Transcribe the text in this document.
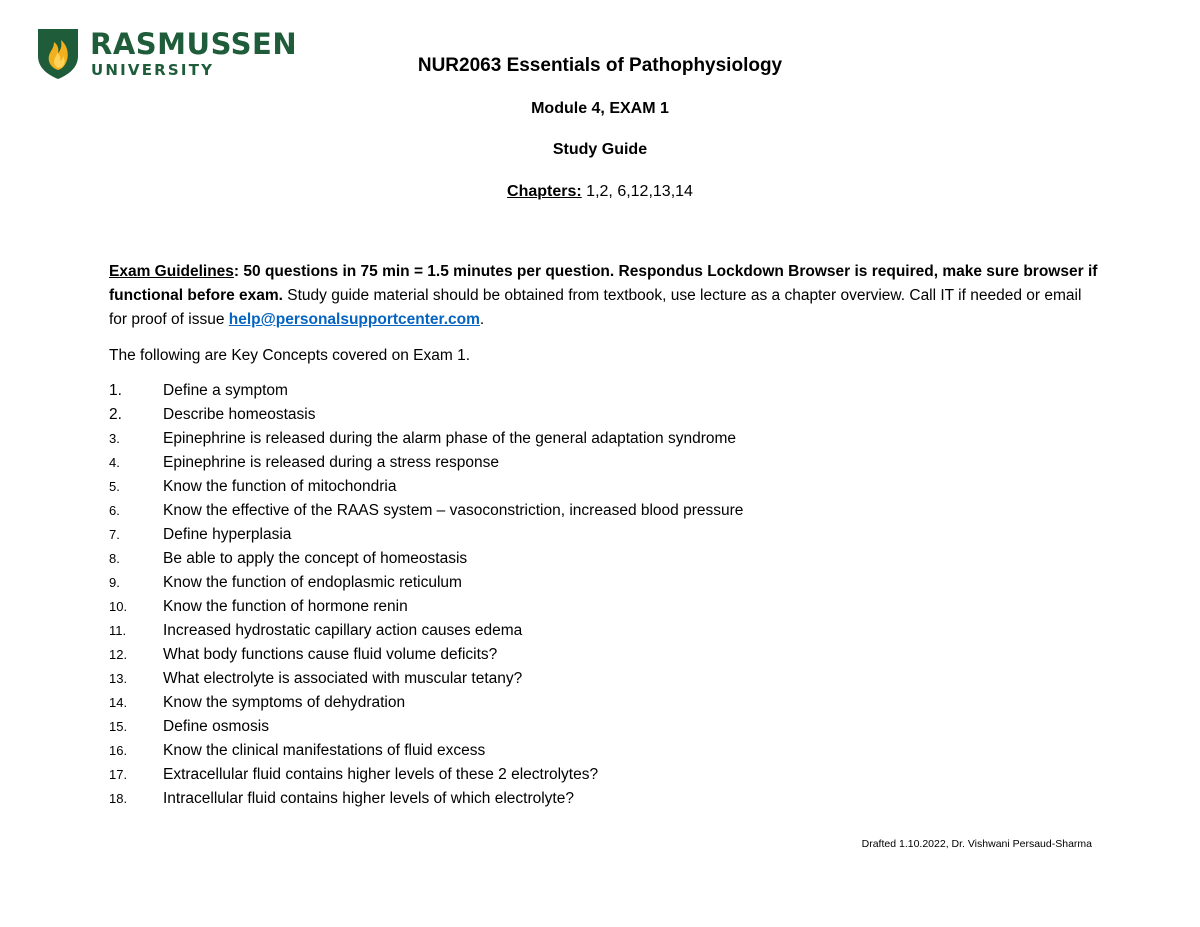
RASMUSSEN
UNIVERSITY	NUR2063 Essentials of Pathophysiology
Module 4, EXAM 1
Study Guide
Chapters: 1,2, 6,12,13,14
Exam Guidelines: 50 questions in 75 min = 1.5 minutes per question. Respondus Lockdown Browser is required, make sure browser if functional before exam. Study guide material should be obtained from textbook, use lecture as a chapter overview. Call IT if needed or email for proof of issue help@personalsupportcenter.com.
The following are Key Concepts covered on Exam 1.
1.	Define a symptom
2.	Describe homeostasis
3.	Epinephrine is released during the alarm phase of the general adaptation syndrome
4.	Epinephrine is released during a stress response
5.	Know the function of mitochondria
6.	Know the effective of the RAAS system – vasoconstriction, increased blood pressure
7.	Define hyperplasia
8.	Be able to apply the concept of homeostasis
9.	Know the function of endoplasmic reticulum
10.	Know the function of hormone renin
11.	Increased hydrostatic capillary action causes edema
12.	What body functions cause fluid volume deficits?
13.	What electrolyte is associated with muscular tetany?
14.	Know the symptoms of dehydration
15.	Define osmosis
16.	Know the clinical manifestations of fluid excess
17.	Extracellular fluid contains higher levels of these 2 electrolytes?
18.	Intracellular fluid contains higher levels of which electrolyte?
Drafted 1.10.2022, Dr. Vishwani Persaud-Sharma
